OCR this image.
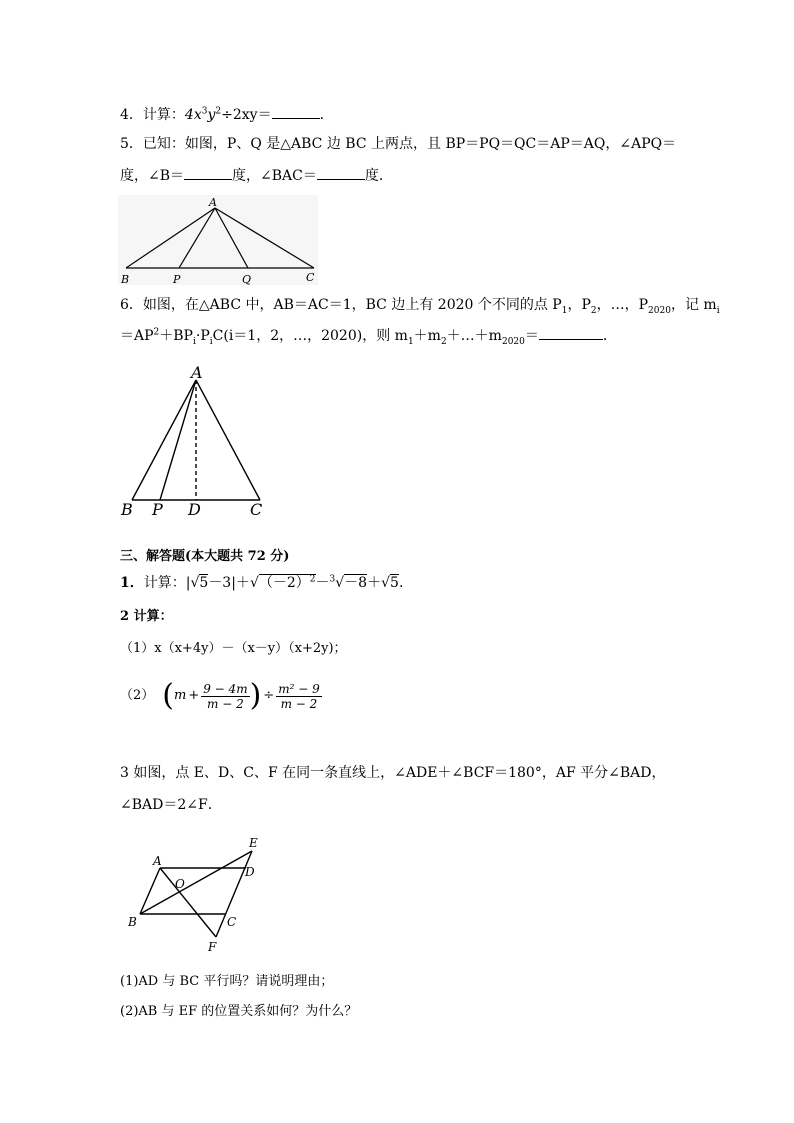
4．计算：$4x^3y^2\div 2xy=$	．
5．已知：如图，P、Q 是△ABC 边 BC 上两点，且 BP＝PQ＝QC＝AP＝AQ，∠APQ＝
度，∠B＝	度，∠BAC＝	度．
A
B	P	Q	C
6．如图，在△ABC 中，AB＝AC＝1，BC 边上有 2020 个不同的点 $P_1$，$P_2$，…，$P_{2020}$，记 $m_i$
$=AP^2+BP_i\cdot P_iC(i=1$，2，…，2020)，则 $m_1+m_2+\dots+m_{2020}=$	．
A
B P D	C
三、解答题(本大题共 72 分)
1．计算：$|√5-3|+√(-2)^2-^3√-8+√5$.
2 计算：
（1）x（x+4y）－（x－y）（x+2y)；
（2） ( $m + \frac{9 - 4m}{m - 2}$ ) ÷ $\frac{\text{m² − 9}}{m - 2}$
3 如图，点 E、D、C、F 在同一条直线上，∠ADE＋∠BCF＝180°，AF 平分∠BAD，
∠BAD＝2∠F．
A
B	C
D
E
F
O
(1)AD 与 BC 平行吗？请说明理由；
(2)AB 与 EF 的位置关系如何？为什么？
